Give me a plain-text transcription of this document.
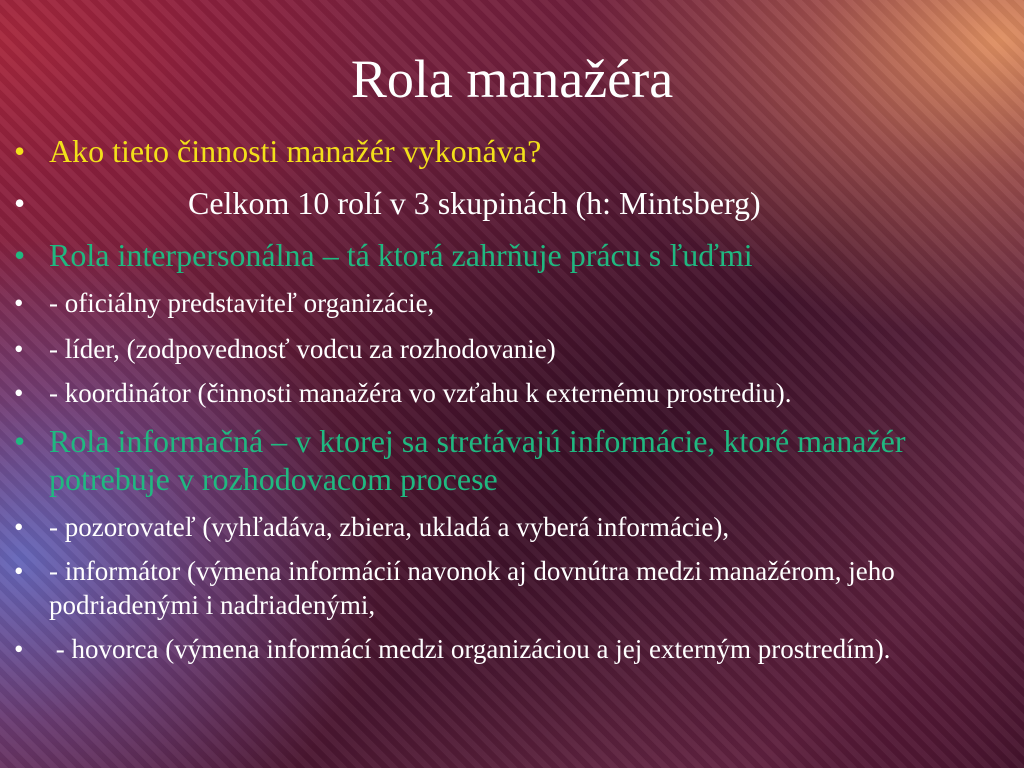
Rola manažéra
• Ako tieto činnosti manažér vykonáva?
•	Celkom 10 rolí v 3 skupinách (h: Mintsberg)
• Rola interpersonálna – tá ktorá zahrňuje prácu s ľuďmi
• - oficiálny predstaviteľ organizácie,
• - líder, (zodpovednosť vodcu za rozhodovanie)
• - koordinátor (činnosti manažéra vo vzťahu k externému prostrediu).
• Rola informačná – v ktorej sa stretávajú informácie, ktoré manažér potrebuje v rozhodovacom procese
• - pozorovateľ (vyhľadáva, zbiera, ukladá a vyberá informácie),
• - informátor (výmena informácií navonok aj dovnútra medzi manažérom, jeho podriadenými i nadriadenými,
• - hovorca (výmena informácí medzi organizáciou a jej externým prostredím).
